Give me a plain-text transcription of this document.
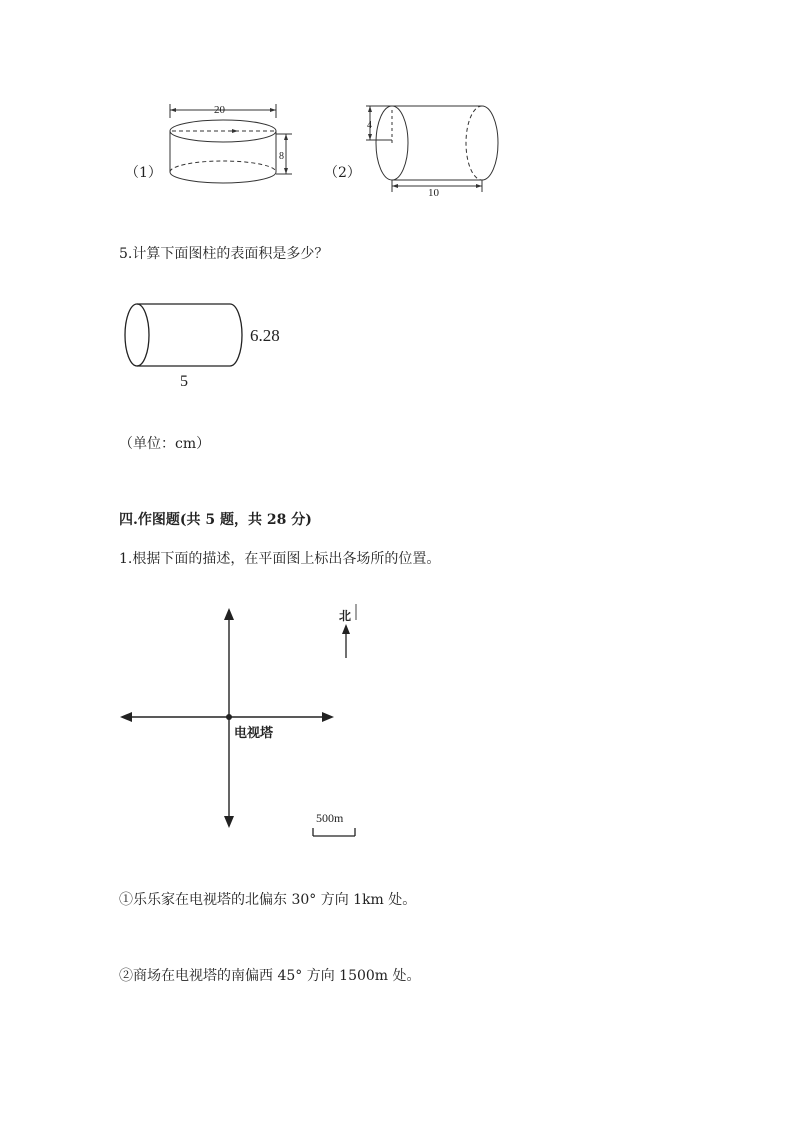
（1）
20
8
（2）
4
10
5.计算下面图柱的表面积是多少？
6.28
5
（单位：cm）
四.作图题(共 5 题，共 28 分)
1.根据下面的描述，在平面图上标出各场所的位置。
电视塔
北
500m
①乐乐家在电视塔的北偏东 30° 方向 1km 处。
②商场在电视塔的南偏西 45° 方向 1500m 处。
